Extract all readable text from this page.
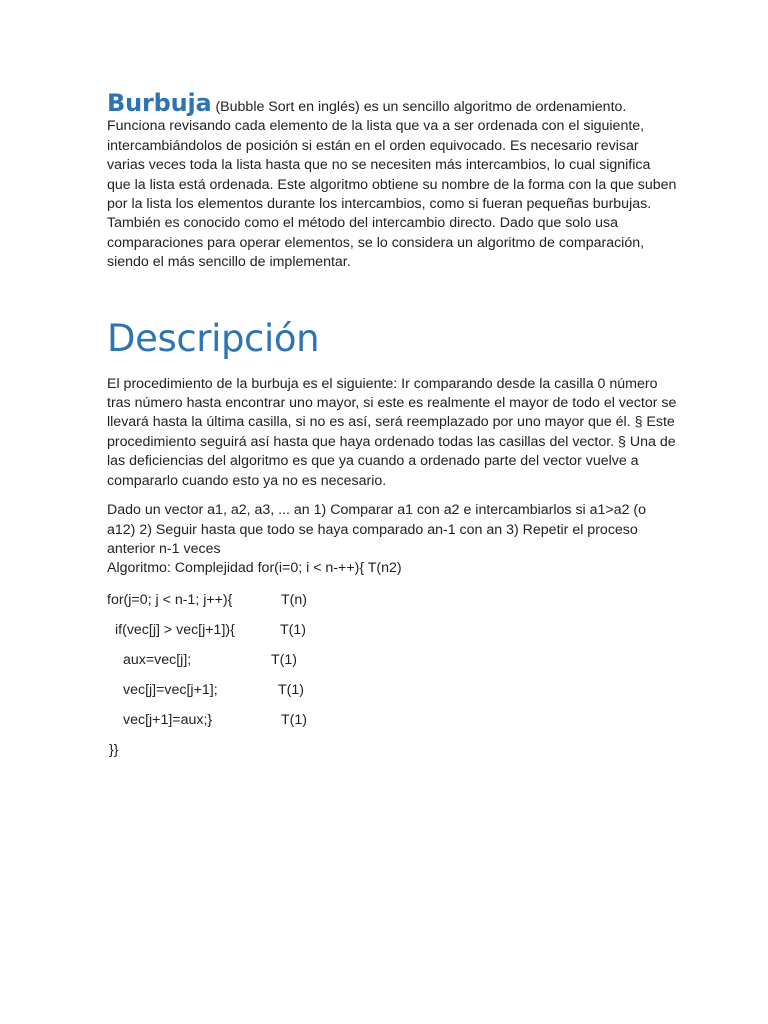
Burbuja (Bubble Sort en inglés) es un sencillo algoritmo de ordenamiento. Funciona revisando cada elemento de la lista que va a ser ordenada con el siguiente, intercambiándolos de posición si están en el orden equivocado. Es necesario revisar varias veces toda la lista hasta que no se necesiten más intercambios, lo cual significa que la lista está ordenada. Este algoritmo obtiene su nombre de la forma con la que suben por la lista los elementos durante los intercambios, como si fueran pequeñas burbujas. También es conocido como el método del intercambio directo. Dado que solo usa comparaciones para operar elementos, se lo considera un algoritmo de comparación, siendo el más sencillo de implementar.

Descripción

El procedimiento de la burbuja es el siguiente: Ir comparando desde la casilla 0 número tras número hasta encontrar uno mayor, si este es realmente el mayor de todo el vector se llevará hasta la última casilla, si no es así, será reemplazado por uno mayor que él. § Este procedimiento seguirá así hasta que haya ordenado todas las casillas del vector. § Una de las deficiencias del algoritmo es que ya cuando a ordenado parte del vector vuelve a compararlo cuando esto ya no es necesario.

Dado un vector a1, a2, a3, ... an 1) Comparar a1 con a2 e intercambiarlos si a1>a2 (o a12) 2) Seguir hasta que todo se haya comparado an-1 con an 3) Repetir el proceso anterior n-1 veces

Algoritmo: Complejidad for(i=0; i < n-++){ T(n2)

for(j=0; j < n-1; j++){

	T(n)

if(vec[j] > vec[j+1]){

	T(1)

aux=vec[j];

	T(1)

vec[j]=vec[j+1];

	T(1)

vec[j+1]=aux;}

	T(1)

}}
